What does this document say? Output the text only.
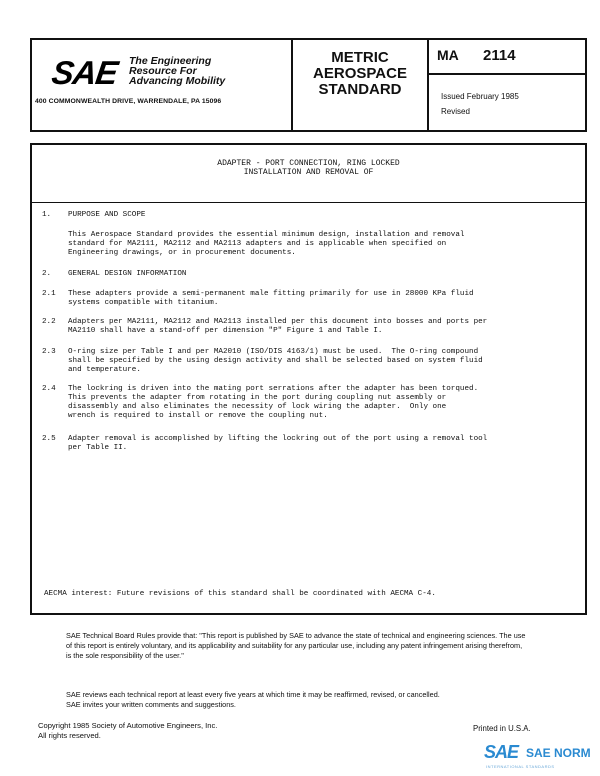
SAE The Engineering
Resource For
Advancing Mobility
400 COMMONWEALTH DRIVE, WARRENDALE, PA 15096
METRIC
AEROSPACE
STANDARD
MA 2114
Issued February 1985
Revised
ADAPTER - PORT CONNECTION, RING LOCKED
INSTALLATION AND REMOVAL OF
1. PURPOSE AND SCOPE
This Aerospace Standard provides the essential minimum design, installation and removal
standard for MA2111, MA2112 and MA2113 adapters and is applicable when specified on
Engineering drawings, or in procurement documents.
2. GENERAL DESIGN INFORMATION
2.1 These adapters provide a semi-permanent male fitting primarily for use in 28000 KPa fluid
systems compatible with titanium.
2.2 Adapters per MA2111, MA2112 and MA2113 installed per this document into bosses and ports per
MA2110 shall have a stand-off per dimension "P" Figure 1 and Table I.
2.3 O-ring size per Table I and per MA2010 (ISO/DIS 4163/1) must be used.  The O-ring compound
shall be specified by the using design activity and shall be selected based on system fluid
and temperature.
2.4 The lockring is driven into the mating port serrations after the adapter has been torqued.
This prevents the adapter from rotating in the port during coupling nut assembly or
disassembly and also eliminates the necessity of lock wiring the adapter.  Only one
wrench is required to install or remove the coupling nut.
2.5 Adapter removal is accomplished by lifting the lockring out of the port using a removal tool
per Table II.
AECMA interest: Future revisions of this standard shall be coordinated with AECMA C-4.
SAE Technical Board Rules provide that: "This report is published by SAE to advance the state of technical and engineering sciences. The use of this report is entirely voluntary, and its applicability and suitability for any particular use, including any patent infringement arising therefrom, is the sole responsibility of the user."
SAE reviews each technical report at least every five years at which time it may be reaffirmed, revised, or cancelled.
SAE invites your written comments and suggestions.
Copyright 1985 Society of Automotive Engineers, Inc.
All rights reserved.
Printed in U.S.A.
SAE SAE NORM
INTERNATIONAL STANDARDS
